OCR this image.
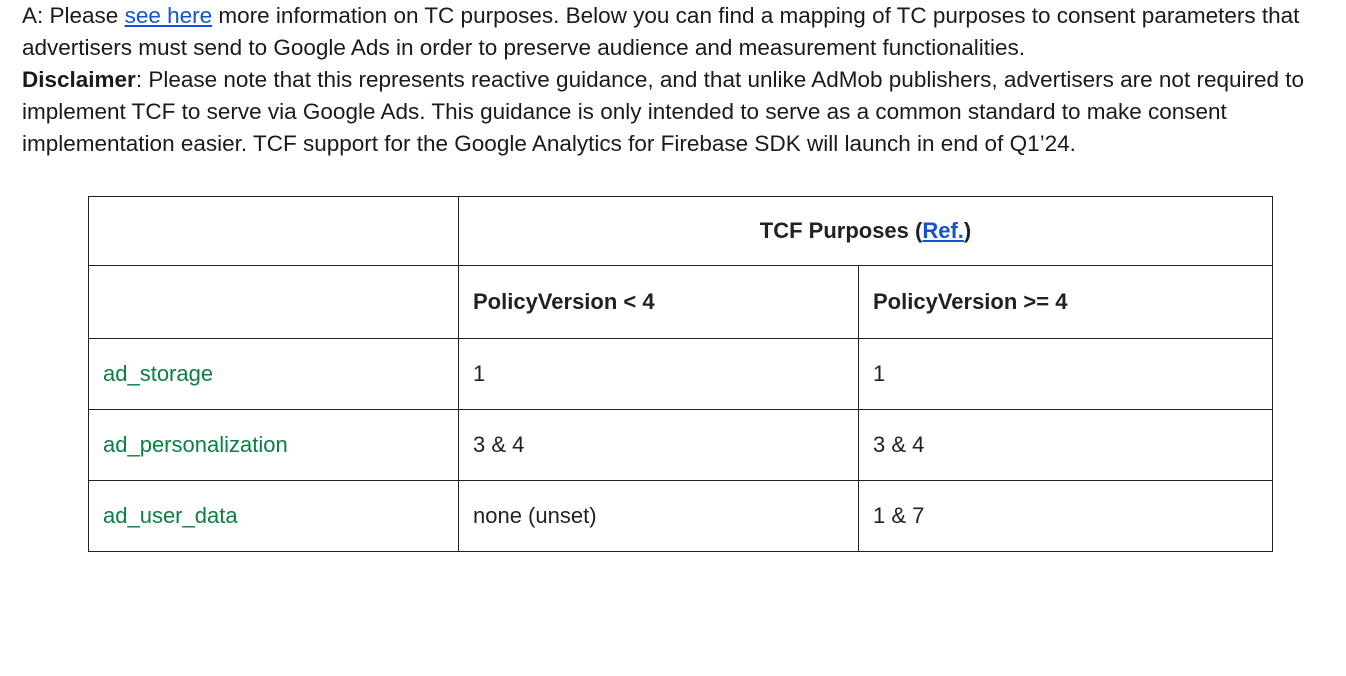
A: Please see here more information on TC purposes. Below you can find a mapping of TC purposes to consent parameters that advertisers must send to Google Ads in order to preserve audience and measurement functionalities.

Disclaimer: Please note that this represents reactive guidance, and that unlike AdMob publishers, advertisers are not required to implement TCF to serve via Google Ads. This guidance is only intended to serve as a common standard to make consent implementation easier. TCF support for the Google Analytics for Firebase SDK will launch in end of Q1’24.

	TCF Purposes (Ref.)	
	PolicyVersion < 4	PolicyVersion >= 4
ad_storage	1	1
ad_personalization	3 & 4	3 & 4
ad_user_data	none (unset)	1 & 7
